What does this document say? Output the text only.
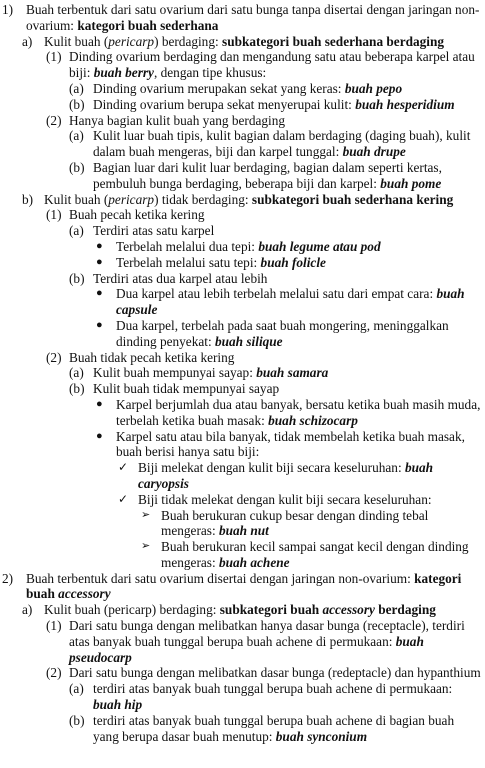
1) Buah terbentuk dari satu ovarium dari satu bunga tanpa disertai dengan jaringan non-ovarium: kategori buah sederhana
a) Kulit buah (pericarp) berdaging: subkategori buah sederhana berdaging
(1) Dinding ovarium berdaging dan mengandung satu atau beberapa karpel atau biji: buah berry, dengan tipe khusus:
(a) Dinding ovarium merupakan sekat yang keras: buah pepo
(b) Dinding ovarium berupa sekat menyerupai kulit: buah hesperidium
(2) Hanya bagian kulit buah yang berdaging
(a) Kulit luar buah tipis, kulit bagian dalam berdaging (daging buah), kulit dalam buah mengeras, biji dan karpel tunggal: buah drupe
(b) Bagian luar dari kulit luar berdaging, bagian dalam seperti kertas, pembuluh bunga berdaging, beberapa biji dan karpel: buah pome
b) Kulit buah (pericarp) tidak berdaging: subkategori buah sederhana kering
(1) Buah pecah ketika kering
(a) Terdiri atas satu karpel
● Terbelah melalui dua tepi: buah legume atau pod
● Terbelah melalui satu tepi: buah folicle
(b) Terdiri atas dua karpel atau lebih
● Dua karpel atau lebih terbelah melalui satu dari empat cara: buah capsule
● Dua karpel, terbelah pada saat buah mongering, meninggalkan dinding penyekat: buah silique
(2) Buah tidak pecah ketika kering
(a) Kulit buah mempunyai sayap: buah samara
(b) Kulit buah tidak mempunyai sayap
● Karpel berjumlah dua atau banyak, bersatu ketika buah masih muda, terbelah ketika buah masak: buah schizocarp
● Karpel satu atau bila banyak, tidak membelah ketika buah masak, buah berisi hanya satu biji:
✓ Biji melekat dengan kulit biji secara keseluruhan: buah caryopsis
✓ Biji tidak melekat dengan kulit biji secara keseluruhan:
➢ Buah berukuran cukup besar dengan dinding tebal mengeras: buah nut
➢ Buah berukuran kecil sampai sangat kecil dengan dinding mengeras: buah achene
2) Buah terbentuk dari satu ovarium disertai dengan jaringan non-ovarium: kategori buah accessory
a) Kulit buah (pericarp) berdaging: subkategori buah accessory berdaging
(1) Dari satu bunga dengan melibatkan hanya dasar bunga (receptacle), terdiri atas banyak buah tunggal berupa buah achene di permukaan: buah pseudocarp
(2) Dari satu bunga dengan melibatkan dasar bunga (redeptacle) dan hypanthium
(a) terdiri atas banyak buah tunggal berupa buah achene di permukaan: buah hip
(b) terdiri atas banyak buah tunggal berupa buah achene di bagian buah yang berupa dasar buah menutup: buah synconium
